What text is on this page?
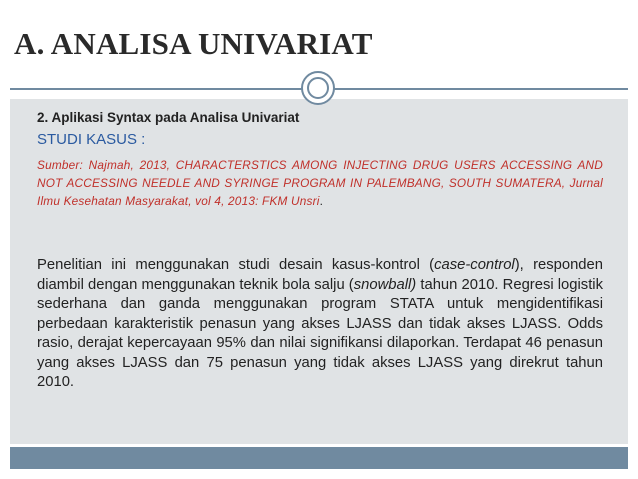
A. ANALISA UNIVARIAT
2. Aplikasi Syntax pada Analisa Univariat
STUDI KASUS :
Sumber: Najmah, 2013, CHARACTERSTICS AMONG INJECTING DRUG USERS ACCESSING AND NOT ACCESSING NEEDLE AND SYRINGE PROGRAM IN PALEMBANG, SOUTH SUMATERA, Jurnal Ilmu Kesehatan Masyarakat, vol 4, 2013: FKM Unsri.
Penelitian ini menggunakan studi desain kasus-kontrol (case-control), responden diambil dengan menggunakan teknik bola salju (snowball) tahun 2010. Regresi logistik sederhana dan ganda menggunakan program STATA untuk mengidentifikasi perbedaan karakteristik penasun yang akses LJASS dan tidak akses LJASS. Odds rasio, derajat kepercayaan 95% dan nilai signifikansi dilaporkan. Terdapat 46 penasun yang akses LJASS dan 75 penasun yang tidak akses LJASS yang direkrut tahun 2010.
